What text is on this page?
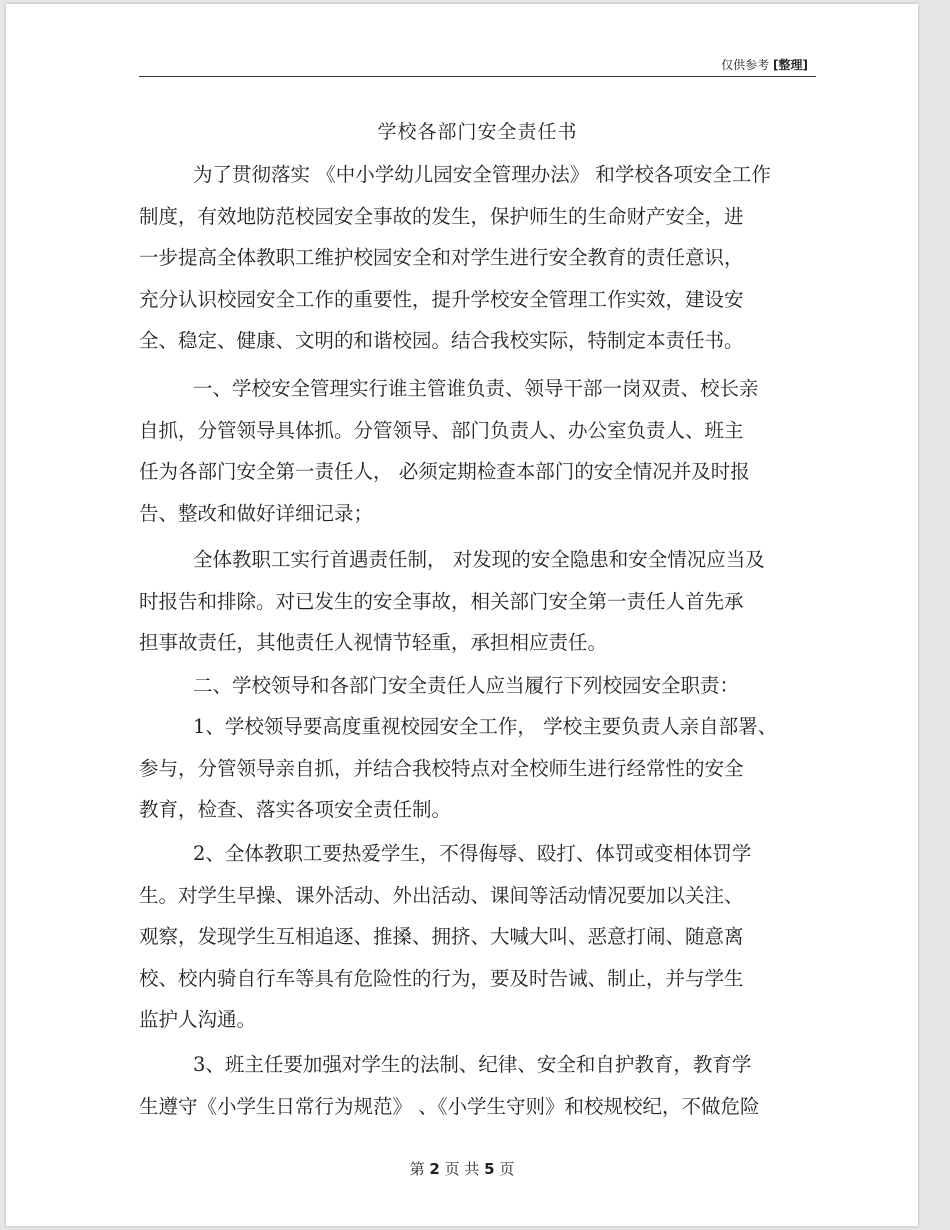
仅供参考 [整理]
学校各部门安全责任书
为了贯彻落实 《中小学幼儿园安全管理办法》 和学校各项安全工作
制度，有效地防范校园安全事故的发生，保护师生的生命财产安全，进
一步提高全体教职工维护校园安全和对学生进行安全教育的责任意识，
充分认识校园安全工作的重要性，提升学校安全管理工作实效，建设安
全、稳定、健康、文明的和谐校园。结合我校实际，特制定本责任书。
一、学校安全管理实行谁主管谁负责、领导干部一岗双责、校长亲
自抓，分管领导具体抓。分管领导、部门负责人、办公室负责人、班主
任为各部门安全第一责任人， 必须定期检查本部门的安全情况并及时报
告、整改和做好详细记录；
全体教职工实行首遇责任制， 对发现的安全隐患和安全情况应当及
时报告和排除。对已发生的安全事故，相关部门安全第一责任人首先承
担事故责任，其他责任人视情节轻重，承担相应责任。
二、学校领导和各部门安全责任人应当履行下列校园安全职责：
1、学校领导要高度重视校园安全工作， 学校主要负责人亲自部署、
参与，分管领导亲自抓，并结合我校特点对全校师生进行经常性的安全
教育，检查、落实各项安全责任制。
2、全体教职工要热爱学生，不得侮辱、殴打、体罚或变相体罚学
生。对学生早操、课外活动、外出活动、课间等活动情况要加以关注、
观察，发现学生互相追逐、推搡、拥挤、大喊大叫、恶意打闹、随意离
校、校内骑自行车等具有危险性的行为，要及时告诫、制止，并与学生
监护人沟通。
3、班主任要加强对学生的法制、纪律、安全和自护教育，教育学
生遵守《小学生日常行为规范》 、《小学生守则》和校规校纪，不做危险
第 2 页 共 5 页
